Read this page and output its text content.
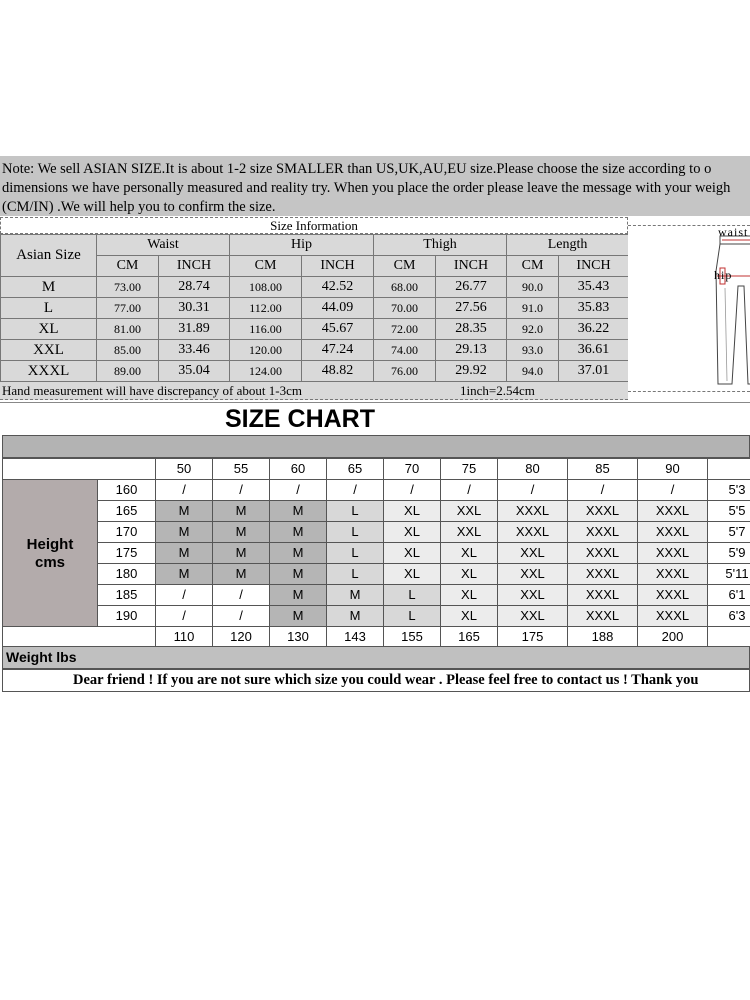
Note: We sell ASIAN SIZE.It is about 1-2 size SMALLER than US,UK,AU,EU size.Please choose the size according to o
dimensions we have personally measured and reality try. When you place the order please leave the message with your weigh
(CM/IN) .We will help you to confirm the size.
Size Information
Asian Size	Waist		Hip		Thigh		Length	
	CM	INCH	CM	INCH	CM	INCH	CM	INCH
M	73.00	28.74	108.00	42.52	68.00	26.77	90.0	35.43
L	77.00	30.31	112.00	44.09	70.00	27.56	91.0	35.83
XL	81.00	31.89	116.00	45.67	72.00	28.35	92.0	36.22
XXL	85.00	33.46	120.00	47.24	74.00	29.13	93.0	36.61
XXXL	89.00	35.04	124.00	48.82	76.00	29.92	94.0	37.01
Hand measurement will have discrepancy of about 1-3cm	1inch=2.54cm
waist
hip
SIZE CHART
50	55	60	65	70	75	80	85	90
Height
cms
160	/	/	/	/	/	/	/	/	/	5'3
165	M	M	M	L	XL	XXL	XXXL	XXXL	XXXL	5'5
170	M	M	M	L	XL	XXL	XXXL	XXXL	XXXL	5'7
175	M	M	M	L	XL	XL	XXL	XXXL	XXXL	5'9
180	M	M	M	L	XL	XL	XXL	XXXL	XXXL	5'11
185	/	/	M	M	L	XL	XXL	XXXL	XXXL	6'1
190	/	/	M	M	L	XL	XXL	XXXL	XXXL	6'3
110	120	130	143	155	165	175	188	200
Weight lbs
Dear friend ! If you are not sure which size you could wear . Please feel free to contact us ! Thank you
